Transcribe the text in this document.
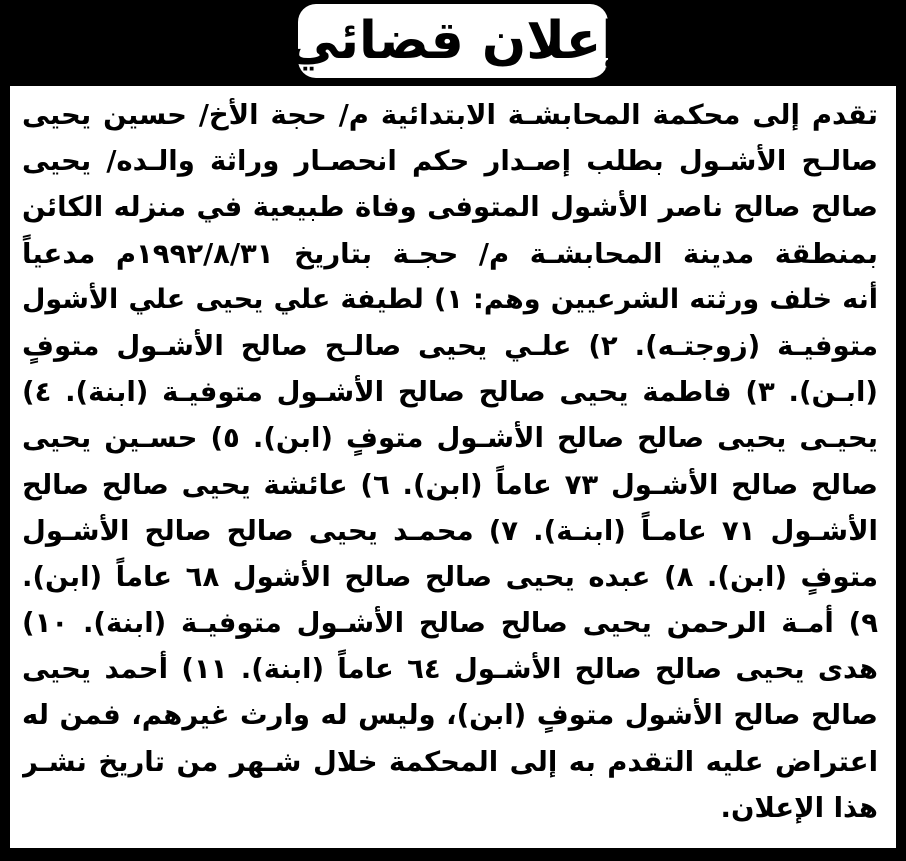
إعلان قضائي
تقدم إلى محكمة المحابشـة الابتدائية م/ حجة الأخ/ حسين يحيى
صالـح الأشـول بطلب إصـدار حكم انحصـار وراثة والـده/ يحيى
صالح صالح ناصر الأشول المتوفى وفاة طبيعية في منزله الكائن
بمنطقة مدينة المحابشـة م/ حجـة بتاريخ ١٩٩٢/٨/٣١م مدعياً
أنه خلف ورثته الشرعيين وهم: ١) لطيفة علي يحيى علي الأشول
متوفيـة (زوجتـه). ٢) علـي يحيى صالـح صالح الأشـول متوفٍ
(ابـن). ٣) فاطمة يحيى صالح صالح الأشـول متوفيـة (ابنة). ٤)
يحيـى يحيى صالح صالح الأشـول متوفٍ (ابن). ٥) حسـين يحيى
صالح صالح الأشـول ٧٣ عاماً (ابن). ٦) عائشة يحيى صالح صالح
الأشـول ٧١ عامـاً (ابنـة). ٧) محمـد يحيى صالح صالح الأشـول
متوفٍ (ابن). ٨) عبده يحيى صالح صالح الأشول ٦٨ عاماً (ابن).
٩) أمـة الرحمن يحيى صالح صالح الأشـول متوفيـة (ابنة). ١٠)
هدى يحيى صالح صالح الأشـول ٦٤ عاماً (ابنة). ١١) أحمد يحيى
صالح صالح الأشول متوفٍ (ابن)، وليس له وارث غيرهم، فمن له
اعتراض عليه التقدم به إلى المحكمة خلال شـهر من تاريخ نشـر
هذا الإعلان.
